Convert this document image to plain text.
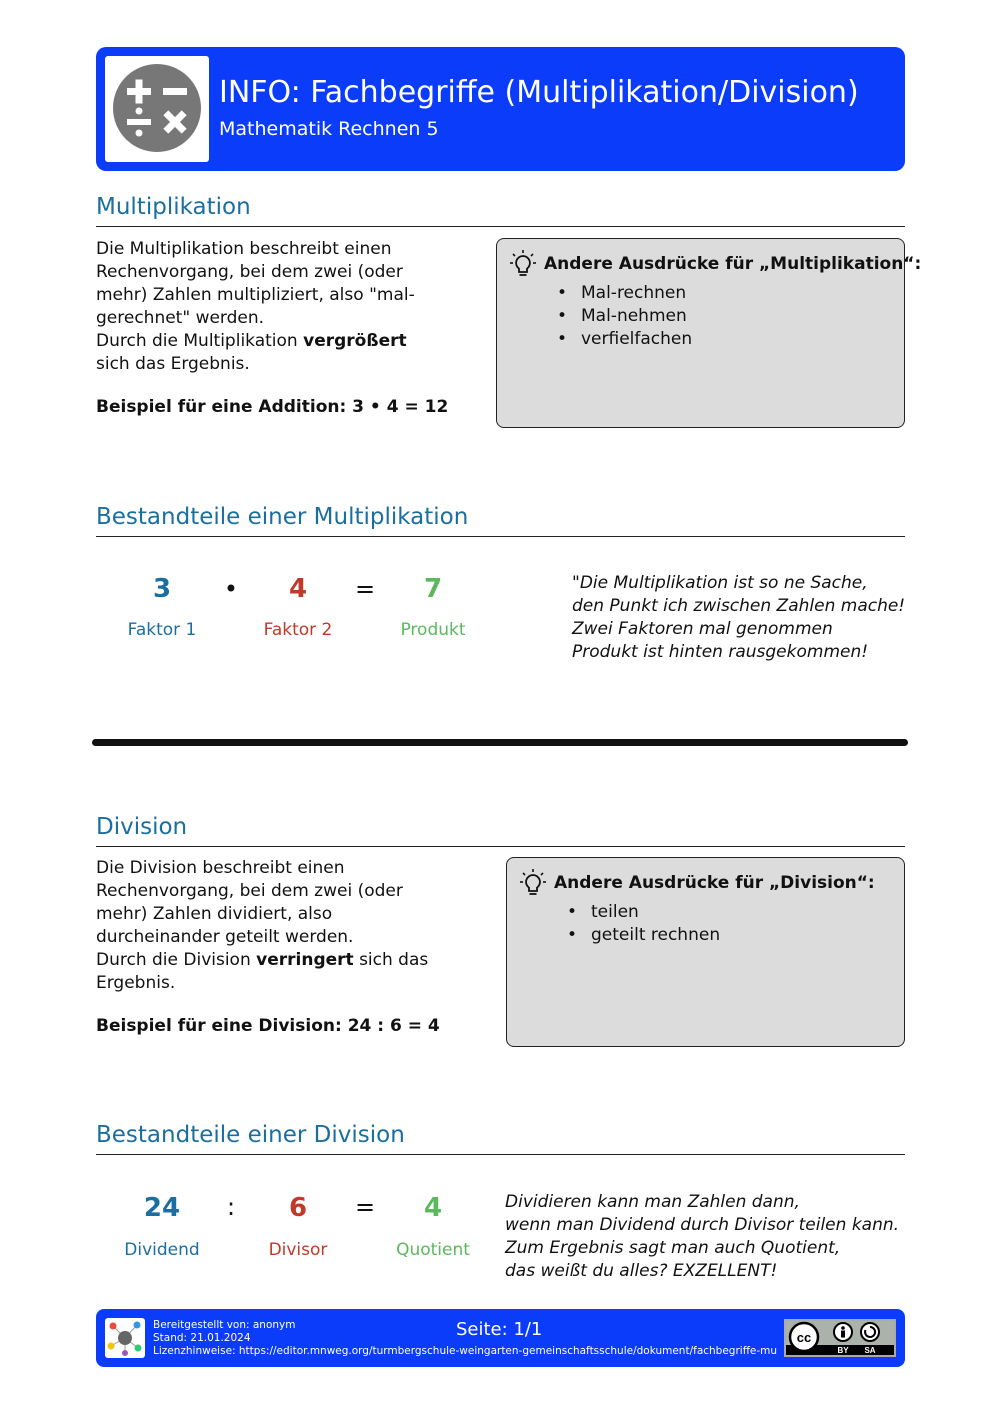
INFO: Fachbegriffe (Multiplikation/Division)
Mathematik Rechnen 5
Multiplikation
Die Multiplikation beschreibt einen
Rechenvorgang, bei dem zwei (oder
mehr) Zahlen multipliziert, also "mal-
gerechnet" werden.
Durch die Multiplikation vergrößert
sich das Ergebnis.
Beispiel für eine Addition: 3 • 4 = 12
Andere Ausdrücke für „Multiplikation“:
• Mal-rechnen
• Mal-nehmen
• verfielfachen
Bestandteile einer Multiplikation
3	•	4	=	7
Faktor 1	Faktor 2	Produkt
"Die Multiplikation ist so ne Sache,
den Punkt ich zwischen Zahlen mache!
Zwei Faktoren mal genommen
Produkt ist hinten rausgekommen!
Division
Die Division beschreibt einen
Rechenvorgang, bei dem zwei (oder
mehr) Zahlen dividiert, also
durcheinander geteilt werden.
Durch die Division verringert sich das
Ergebnis.
Beispiel für eine Division: 24 : 6 = 4
Andere Ausdrücke für „Division“:
• teilen
• geteilt rechnen
Bestandteile einer Division
24	:	6	=	4
Dividend	Divisor	Quotient
Dividieren kann man Zahlen dann,
wenn man Dividend durch Divisor teilen kann.
Zum Ergebnis sagt man auch Quotient,
das weißt du alles? EXZELLENT!
Bereitgestellt von: anonym
Stand: 21.01.2024
Lizenzhinweise: https://editor.mnweg.org/turmbergschule-weingarten-gemeinschaftsschule/dokument/fachbegriffe-mu
Seite: 1/1	cc
BY SA
